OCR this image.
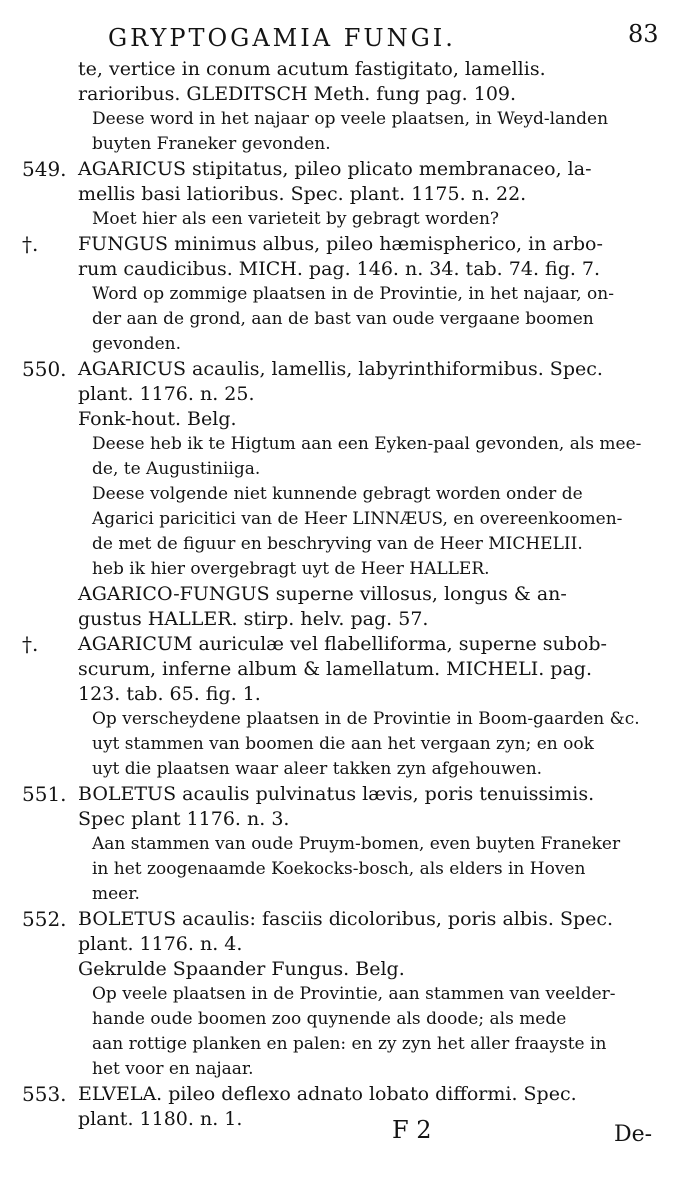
GRYPTOGAMIA FUNGI.	83
te, vertice in conum acutum fastigitato, lamellis.
rarioribus. GLEDITSCH Meth. fung pag. 109.
Deese word in het najaar op veele plaatsen, in Weyd-landen
buyten Franeker gevonden.
549. AGARICUS stipitatus, pileo plicato membranaceo, la-
mellis basi latioribus. Spec. plant. 1175. n. 22.
Moet hier als een varieteit by gebragt worden?
†. FUNGUS minimus albus, pileo hæmispherico, in arbo-
rum caudicibus. MICH. pag. 146. n. 34. tab. 74. fig. 7.
Word op zommige plaatsen in de Provintie, in het najaar, on-
der aan de grond, aan de bast van oude vergaane boomen
gevonden.
550. AGARICUS acaulis, lamellis, labyrinthiformibus. Spec.
plant. 1176. n. 25.
Fonk-hout. Belg.
Deese heb ik te Higtum aan een Eyken-paal gevonden, als mee-
de, te Augustiniiga.
Deese volgende niet kunnende gebragt worden onder de
Agarici paricitici van de Heer LINNÆUS, en overeenkoomen-
de met de figuur en beschryving van de Heer MICHELII.
heb ik hier overgebragt uyt de Heer HALLER.
AGARICO-FUNGUS superne villosus, longus & an-
gustus HALLER. stirp. helv. pag. 57.
†. AGARICUM auriculæ vel flabelliforma, superne subob-
scurum, inferne album & lamellatum. MICHELI. pag.
123. tab. 65. fig. 1.
Op verscheydene plaatsen in de Provintie in Boom-gaarden &c.
uyt stammen van boomen die aan het vergaan zyn; en ook
uyt die plaatsen waar aleer takken zyn afgehouwen.
551. BOLETUS acaulis pulvinatus lævis, poris tenuissimis.
Spec plant 1176. n. 3.
Aan stammen van oude Pruym-bomen, even buyten Franeker
in het zoogenaamde Koekocks-bosch, als elders in Hoven
meer.
552. BOLETUS acaulis: fasciis dicoloribus, poris albis. Spec.
plant. 1176. n. 4.
Gekrulde Spaander Fungus. Belg.
Op veele plaatsen in de Provintie, aan stammen van veelder-
hande oude boomen zoo quynende als doode; als mede
aan rottige planken en palen: en zy zyn het aller fraayste in
het voor en najaar.
553. ELVELA. pileo deflexo adnato lobato difformi. Spec.
plant. 1180. n. 1.	F 2	De-
